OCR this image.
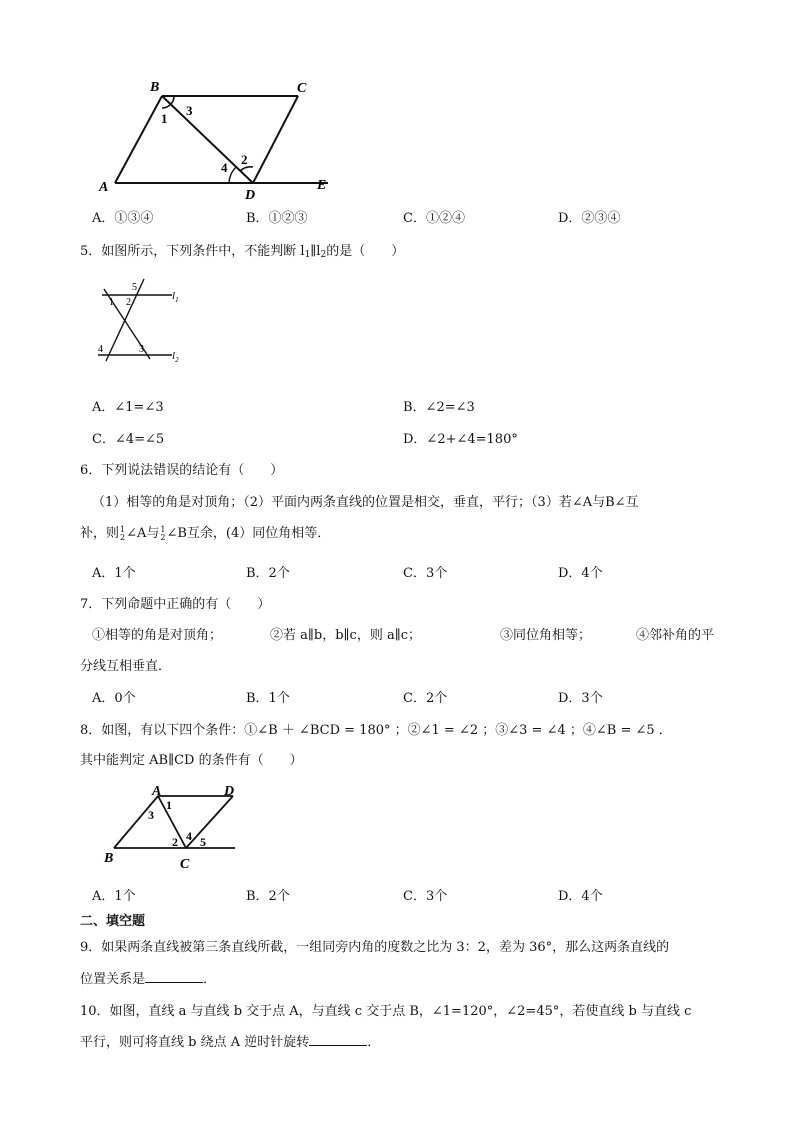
B	C
A
D
E
1
3
2
4
A．①③④	B．①②③	C．①②④	D．②③④
5．如图所示，下列条件中，不能判断 $l_1\parallel l_2$的是（　　）
5
1 2
4	3
$l_1$
$l_2$
A．∠1=∠3	B．∠2=∠3
C．∠4=∠5	D．∠2+∠4=180°
6．下列说法错误的结论有（　　）
（1）相等的角是对顶角；（2）平面内两条直线的位置是相交，垂直，平行；（3）若∠A与B∠互
补，则 1
2 ∠A与 1
2 ∠B互余，(4）同位角相等．
A．1个	B．2个	C．3个	D．4个
7．下列命题中正确的有（　　）
①相等的角是对顶角；	②若 a∥b，b∥c，则 a∥c；	③同位角相等；	④邻补角的平
分线互相垂直．
A．0个	B．1个	C．2个	D．3个
8．如图，有以下四个条件：①∠B ＋ ∠BCD = 180° ；②∠1 = ∠2 ；③∠3 = ∠4 ；④∠B = ∠5 ．
其中能判定 AB∥CD 的条件有（　　）
A	D
B	C
1
3
2 4 5
A．1个	B．2个	C．3个	D．4个
二、填空题
9．如果两条直线被第三条直线所截，一组同旁内角的度数之比为 3：2，差为 36°，那么这两条直线的
位置关系是	．
10．如图，直线 a 与直线 b 交于点 A，与直线 c 交于点 B，∠1=120°，∠2=45°，若使直线 b 与直线 c
平行，则可将直线 b 绕点 A 逆时针旋转	．
